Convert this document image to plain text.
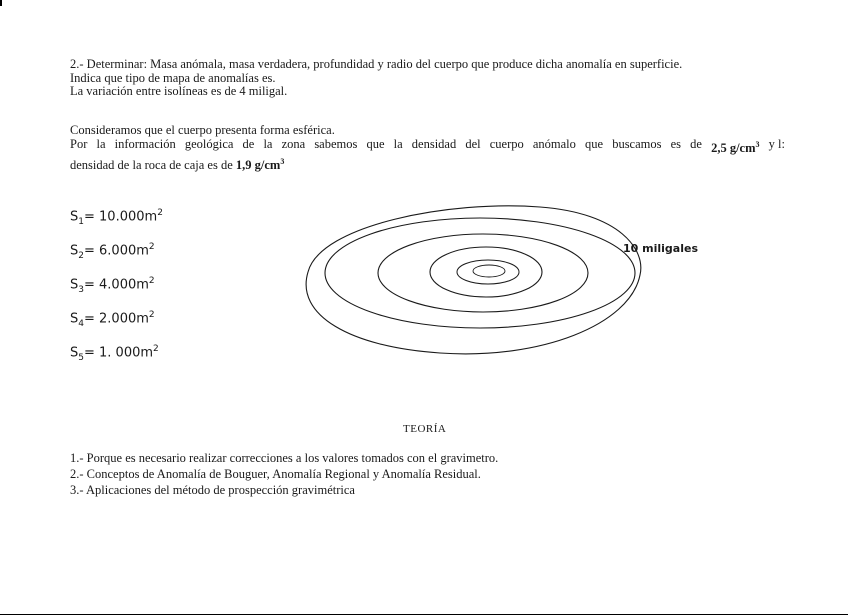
2.- Determinar: Masa anómala, masa verdadera, profundidad y radio del cuerpo que produce dicha anomalía en superficie.
Indica que tipo de mapa de anomalías es.
La variación entre isolíneas es de 4 miligal.
Consideramos que el cuerpo presenta forma esférica.
Por la información geológica de la zona sabemos que la densidad del cuerpo anómalo que buscamos es de 2,5 $g/cm^3$ y l:
densidad de la roca de caja es de 1,9 $g/cm^3$
$S_1= 10.000m^2$
$S_2= 6.000m^2$
$S_3= 4.000m^2$
$S_4= 2.000m^2$
$S_5= 1$. $000m^2$
10 miligales
TEORÍA
1.- Porque es necesario realizar correcciones a los valores tomados con el gravimetro.
2.- Conceptos de Anomalía de Bouguer, Anomalía Regional y Anomalía Residual.
3.- Aplicaciones del método de prospección gravimétrica
